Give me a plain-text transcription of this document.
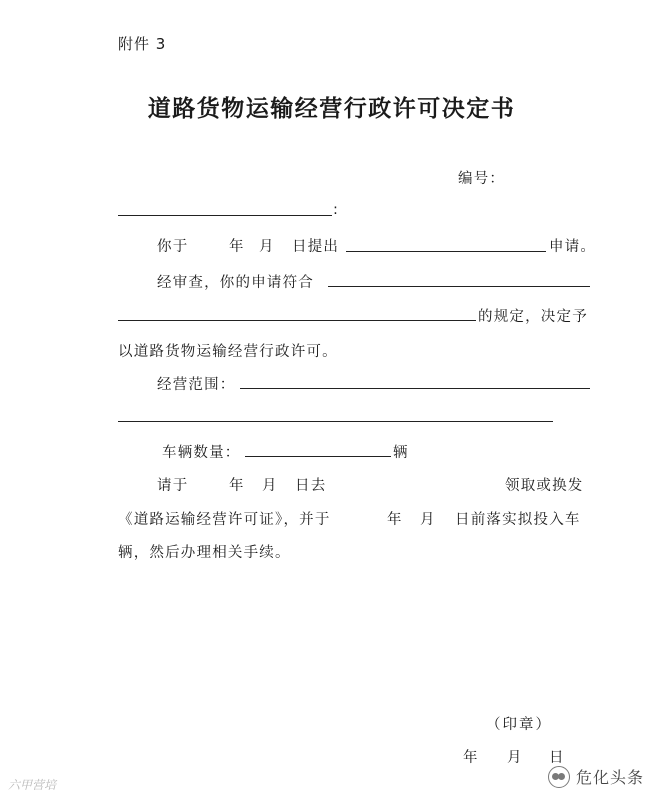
附件 3
道路货物运输经营行政许可决定书
编号：
:
你于	年 月 日提出	申请。
经审查，你的申请符合
的规定，决定予
以道路货物运输经营行政许可。
经营范围：
车辆数量：	辆
请于	年 月 日去	领取或换发
《道路运输经营许可证》，并于	年 月 日前落实拟投入车
辆，然后办理相关手续。
（印章）
年 月 日
六甲营培	危化头条
